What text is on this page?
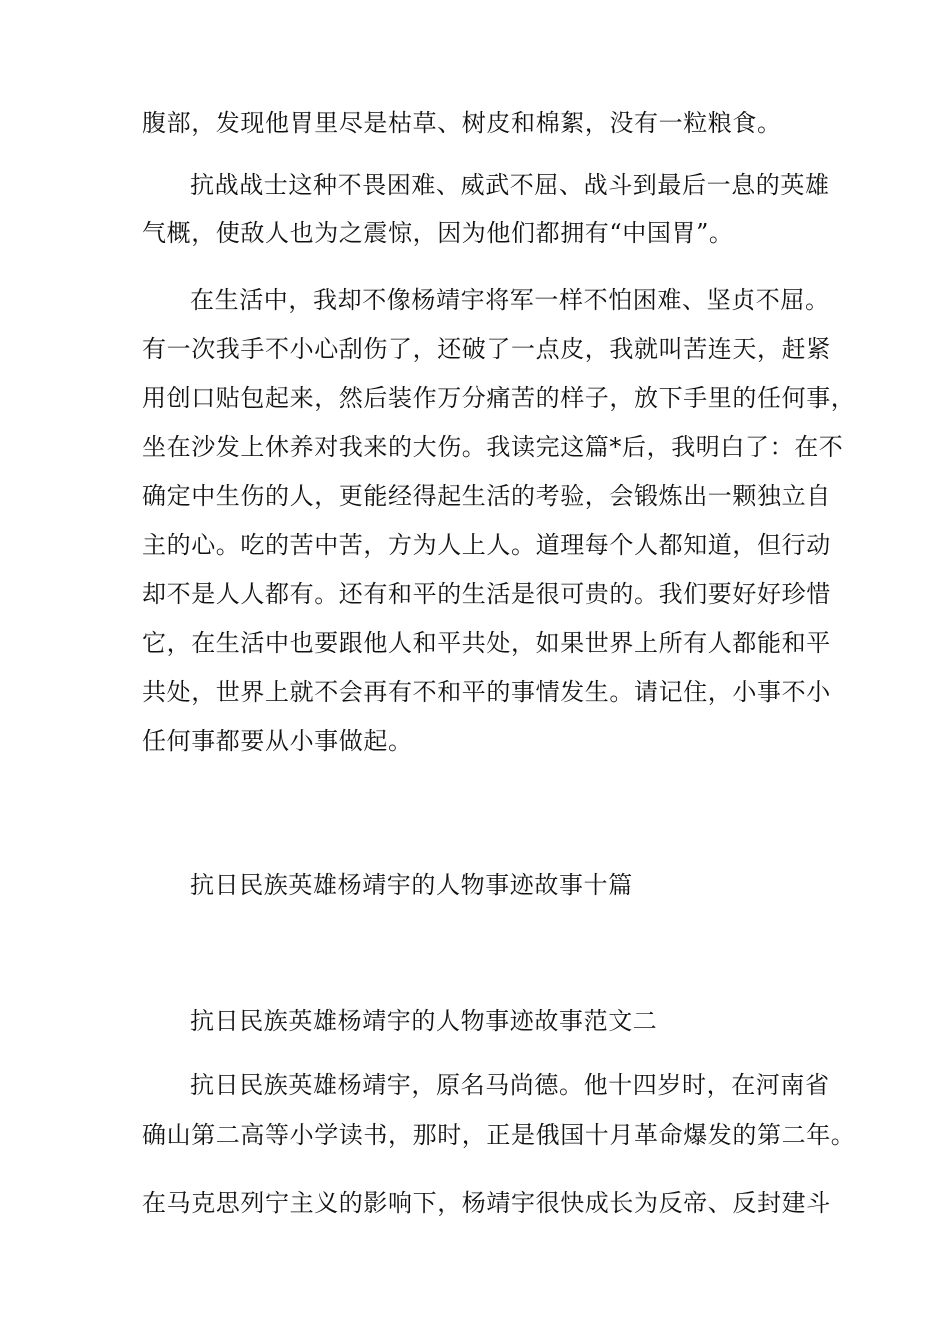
腹部，发现他胃里尽是枯草、树皮和棉絮，没有一粒粮食。
抗战战士这种不畏困难、威武不屈、战斗到最后一息的英雄
气概，使敌人也为之震惊，因为他们都拥有“中国胃”。
在生活中，我却不像杨靖宇将军一样不怕困难、坚贞不屈。
有一次我手不小心刮伤了，还破了一点皮，我就叫苦连天，赶紧
用创口贴包起来，然后装作万分痛苦的样子，放下手里的任何事，
坐在沙发上休养对我来的大伤。我读完这篇*后，我明白了：在不
确定中生伤的人，更能经得起生活的考验，会锻炼出一颗独立自
主的心。吃的苦中苦，方为人上人。道理每个人都知道，但行动
却不是人人都有。还有和平的生活是很可贵的。我们要好好珍惜
它，在生活中也要跟他人和平共处，如果世界上所有人都能和平
共处，世界上就不会再有不和平的事情发生。请记住，小事不小
任何事都要从小事做起。
抗日民族英雄杨靖宇的人物事迹故事十篇
抗日民族英雄杨靖宇的人物事迹故事范文二
抗日民族英雄杨靖宇，原名马尚德。他十四岁时，在河南省
确山第二高等小学读书，那时，正是俄国十月革命爆发的第二年。
在马克思列宁主义的影响下，杨靖宇很快成长为反帝、反封建斗
